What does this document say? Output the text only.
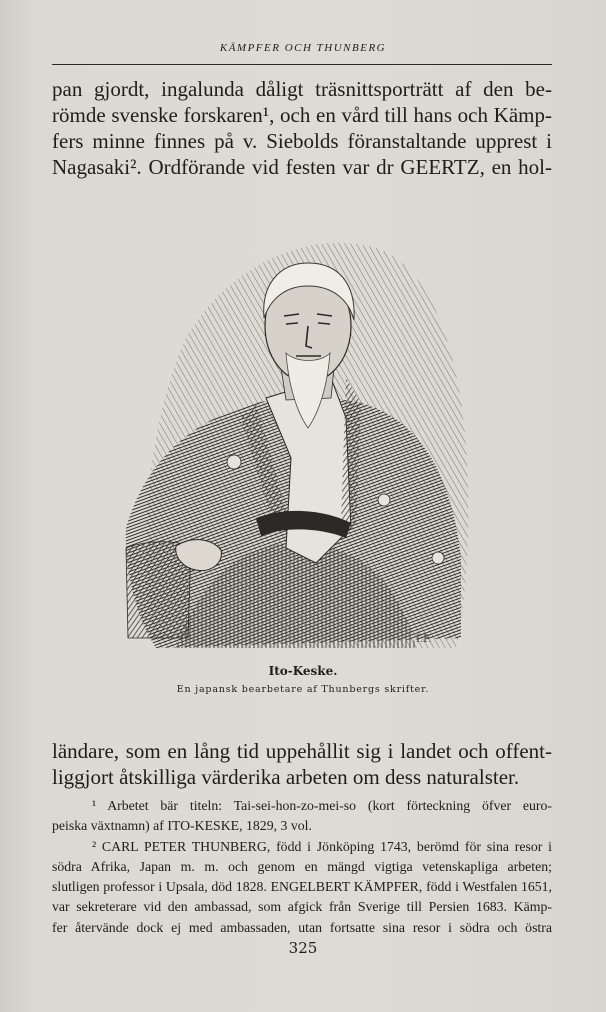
KÄMPFER OCH THUNBERG
pan gjordt, ingalunda dåligt träsnittsporträtt af den be-
römde svenske forskaren¹, och en vård till hans och Kämp-
fers minne finnes på v. Siebolds föranstaltande upprest i
Nagasaki². Ordförande vid festen var dr GEERTZ, en hol-
I.F.
Ito-Keske.
En japansk bearbetare af Thunbergs skrifter.
ländare, som en lång tid uppehållit sig i landet och offent-
liggjort åtskilliga värderika arbeten om dess naturalster.
¹ Arbetet bär titeln: Tai-sei-hon-zo-mei-so (kort förteckning öfver euro-
peiska växtnamn) af ITO-KESKE, 1829, 3 vol.
² CARL PETER THUNBERG, född i Jönköping 1743, berömd för sina resor i
södra Afrika, Japan m. m. och genom en mängd vigtiga vetenskapliga arbeten;
slutligen professor i Upsala, död 1828. ENGELBERT KÄMPFER, född i Westfalen 1651,
var sekreterare vid den ambassad, som afgick från Sverige till Persien 1683. Kämp-
fer återvände dock ej med ambassaden, utan fortsatte sina resor i södra och östra
325
